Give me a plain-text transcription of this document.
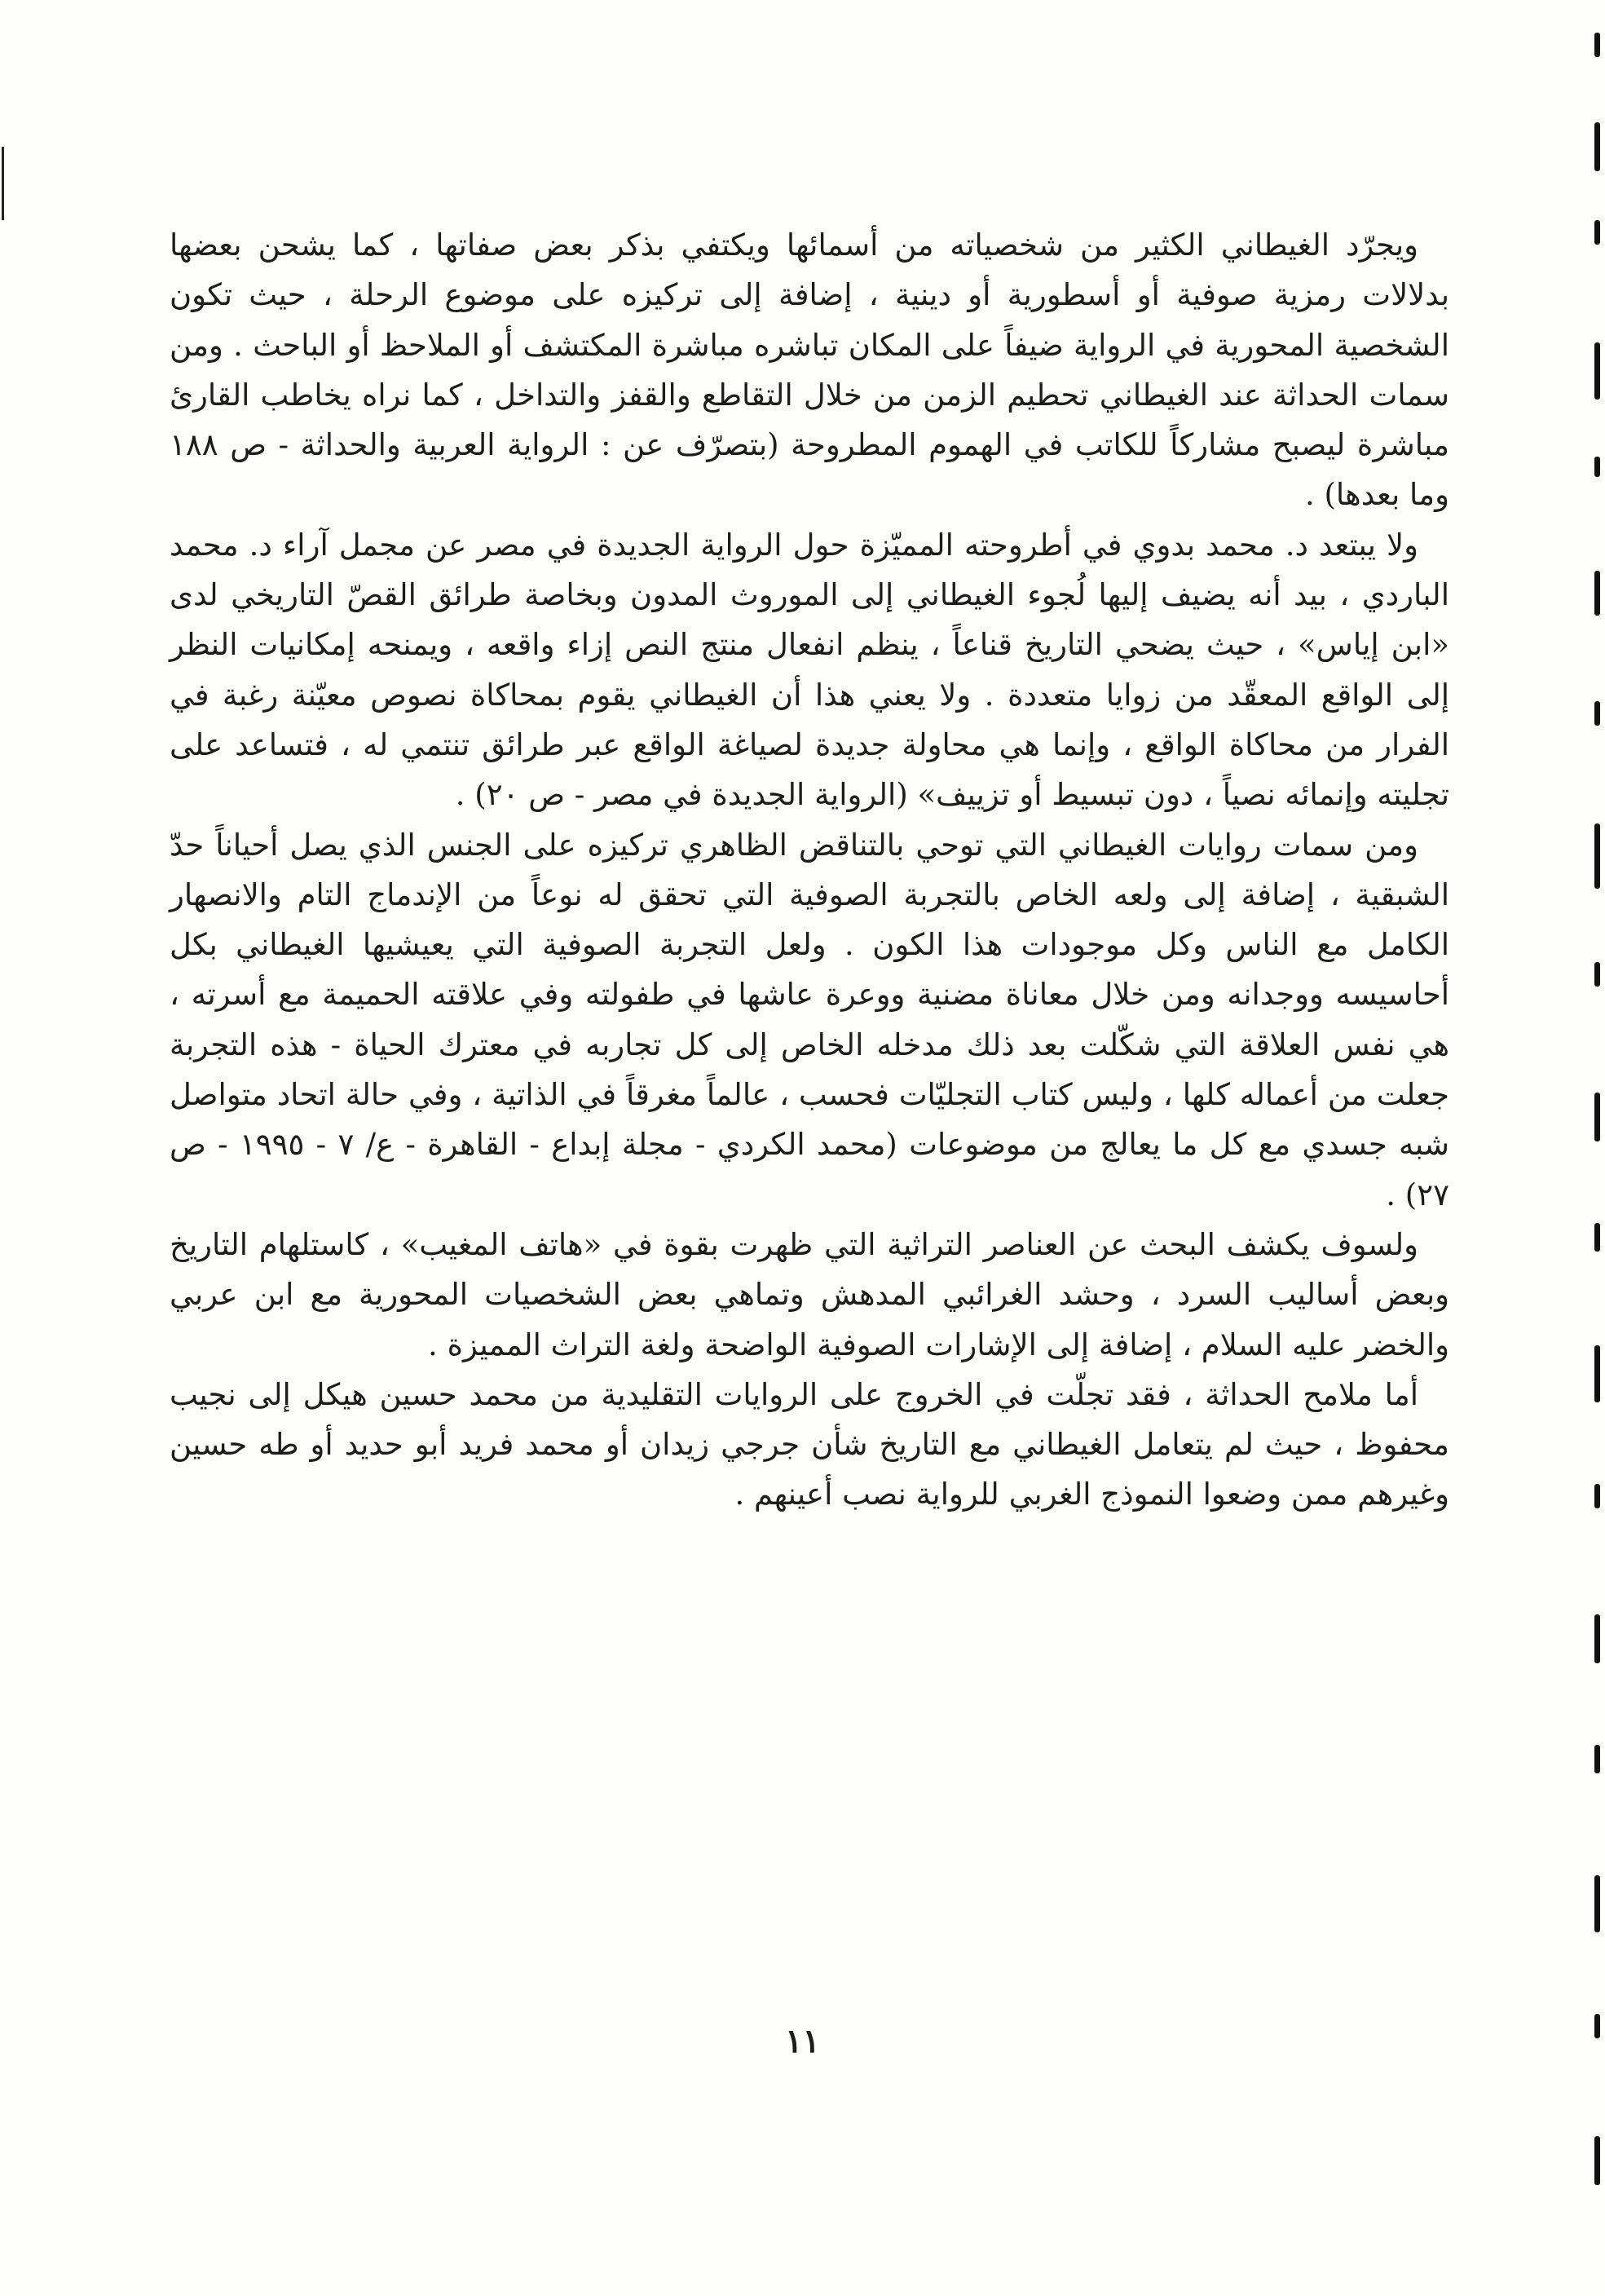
ويجرّد الغيطاني الكثير من شخصياته من أسمائها ويكتفي بذكر بعض صفاتها ، كما يشحن بعضها بدلالات رمزية صوفية أو أسطورية أو دينية ، إضافة إلى تركيزه على موضوع الرحلة ، حيث تكون الشخصية المحورية في الرواية ضيفاً على المكان تباشره مباشرة المكتشف أو الملاحظ أو الباحث . ومن سمات الحداثة عند الغيطاني تحطيم الزمن من خلال التقاطع والقفز والتداخل ، كما نراه يخاطب القارئ مباشرة ليصبح مشاركاً للكاتب في الهموم المطروحة (بتصرّف عن : الرواية العربية والحداثة - ص ١٨٨ وما بعدها) .

ولا يبتعد د. محمد بدوي في أطروحته المميّزة حول الرواية الجديدة في مصر عن مجمل آراء د. محمد الباردي ، بيد أنه يضيف إليها لُجوء الغيطاني إلى الموروث المدون وبخاصة طرائق القصّ التاريخي لدى «ابن إياس» ، حيث يضحي التاريخ قناعاً ، ينظم انفعال منتج النص إزاء واقعه ، ويمنحه إمكانيات النظر إلى الواقع المعقّد من زوايا متعددة . ولا يعني هذا أن الغيطاني يقوم بمحاكاة نصوص معيّنة رغبة في الفرار من محاكاة الواقع ، وإنما هي محاولة جديدة لصياغة الواقع عبر طرائق تنتمي له ، فتساعد على تجليته وإنمائه نصياً ، دون تبسيط أو تزييف» (الرواية الجديدة في مصر - ص ٢٠) .

ومن سمات روايات الغيطاني التي توحي بالتناقض الظاهري تركيزه على الجنس الذي يصل أحياناً حدّ الشبقية ، إضافة إلى ولعه الخاص بالتجربة الصوفية التي تحقق له نوعاً من الإندماج التام والانصهار الكامل مع الناس وكل موجودات هذا الكون . ولعل التجربة الصوفية التي يعيشيها الغيطاني بكل أحاسيسه ووجدانه ومن خلال معاناة مضنية ووعرة عاشها في طفولته وفي علاقته الحميمة مع أسرته ، هي نفس العلاقة التي شكّلت بعد ذلك مدخله الخاص إلى كل تجاربه في معترك الحياة - هذه التجربة جعلت من أعماله كلها ، وليس كتاب التجليّات فحسب ، عالماً مغرقاً في الذاتية ، وفي حالة اتحاد متواصل شبه جسدي مع كل ما يعالج من موضوعات (محمد الكردي - مجلة إبداع - القاهرة - ع/ ٧ - ١٩٩٥ - ص ٢٧) .

ولسوف يكشف البحث عن العناصر التراثية التي ظهرت بقوة في «هاتف المغيب» ، كاستلهام التاريخ وبعض أساليب السرد ، وحشد الغرائبي المدهش وتماهي بعض الشخصيات المحورية مع ابن عربي والخضر عليه السلام ، إضافة إلى الإشارات الصوفية الواضحة ولغة التراث المميزة .

أما ملامح الحداثة ، فقد تجلّت في الخروج على الروايات التقليدية من محمد حسين هيكل إلى نجيب محفوظ ، حيث لم يتعامل الغيطاني مع التاريخ شأن جرجي زيدان أو محمد فريد أبو حديد أو طه حسين وغيرهم ممن وضعوا النموذج الغربي للرواية نصب أعينهم .

١١
